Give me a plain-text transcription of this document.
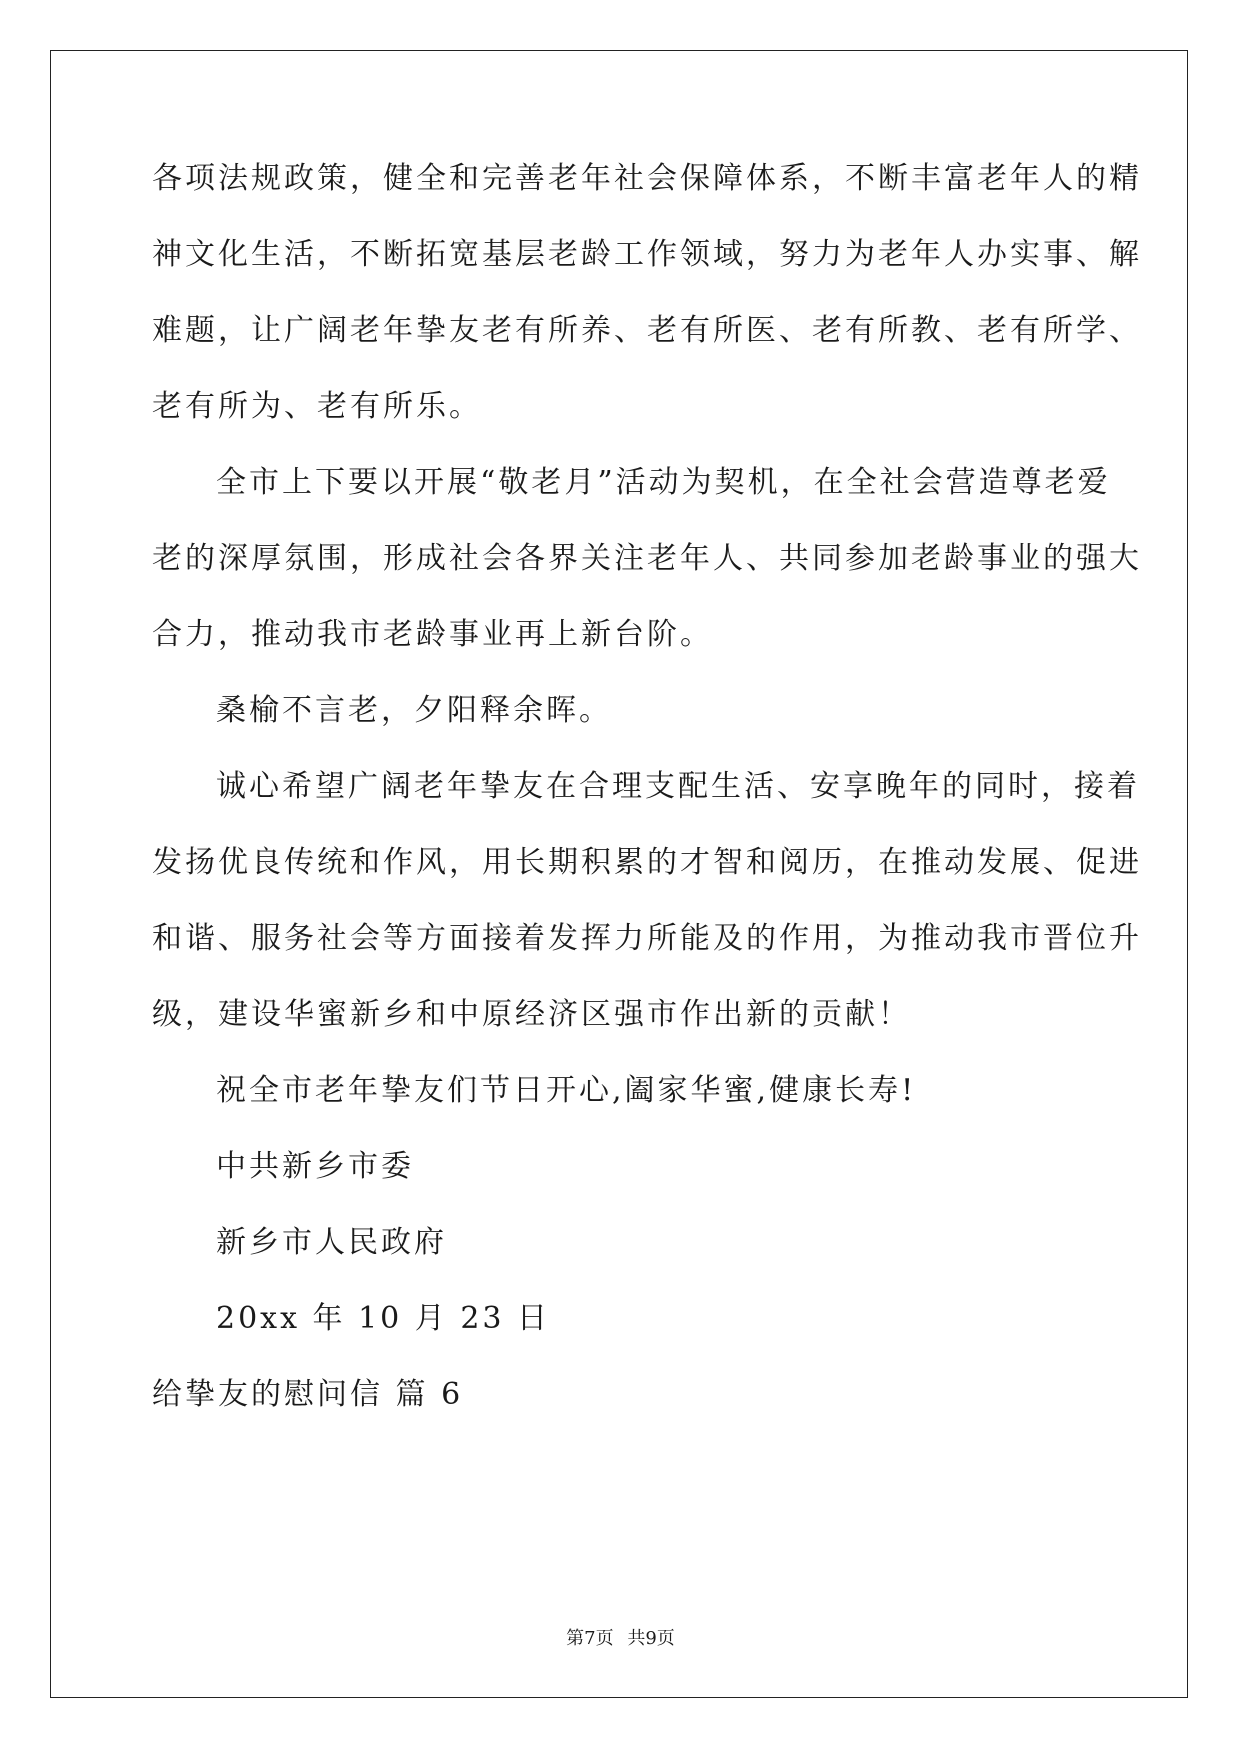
各项法规政策，健全和完善老年社会保障体系，不断丰富老年人的精
神文化生活，不断拓宽基层老龄工作领域，努力为老年人办实事、解
难题，让广阔老年挚友老有所养、老有所医、老有所教、老有所学、
老有所为、老有所乐。
全市上下要以开展“敬老月”活动为契机，在全社会营造尊老爱
老的深厚氛围，形成社会各界关注老年人、共同参加老龄事业的强大
合力，推动我市老龄事业再上新台阶。
桑榆不言老，夕阳释余晖。
诚心希望广阔老年挚友在合理支配生活、安享晚年的同时，接着
发扬优良传统和作风，用长期积累的才智和阅历，在推动发展、促进
和谐、服务社会等方面接着发挥力所能及的作用，为推动我市晋位升
级，建设华蜜新乡和中原经济区强市作出新的贡献！
祝全市老年挚友们节日开心,阖家华蜜,健康长寿!
中共新乡市委
新乡市人民政府
20xx 年 10 月 23 日
给挚友的慰问信 篇 6
第7页 共9页
